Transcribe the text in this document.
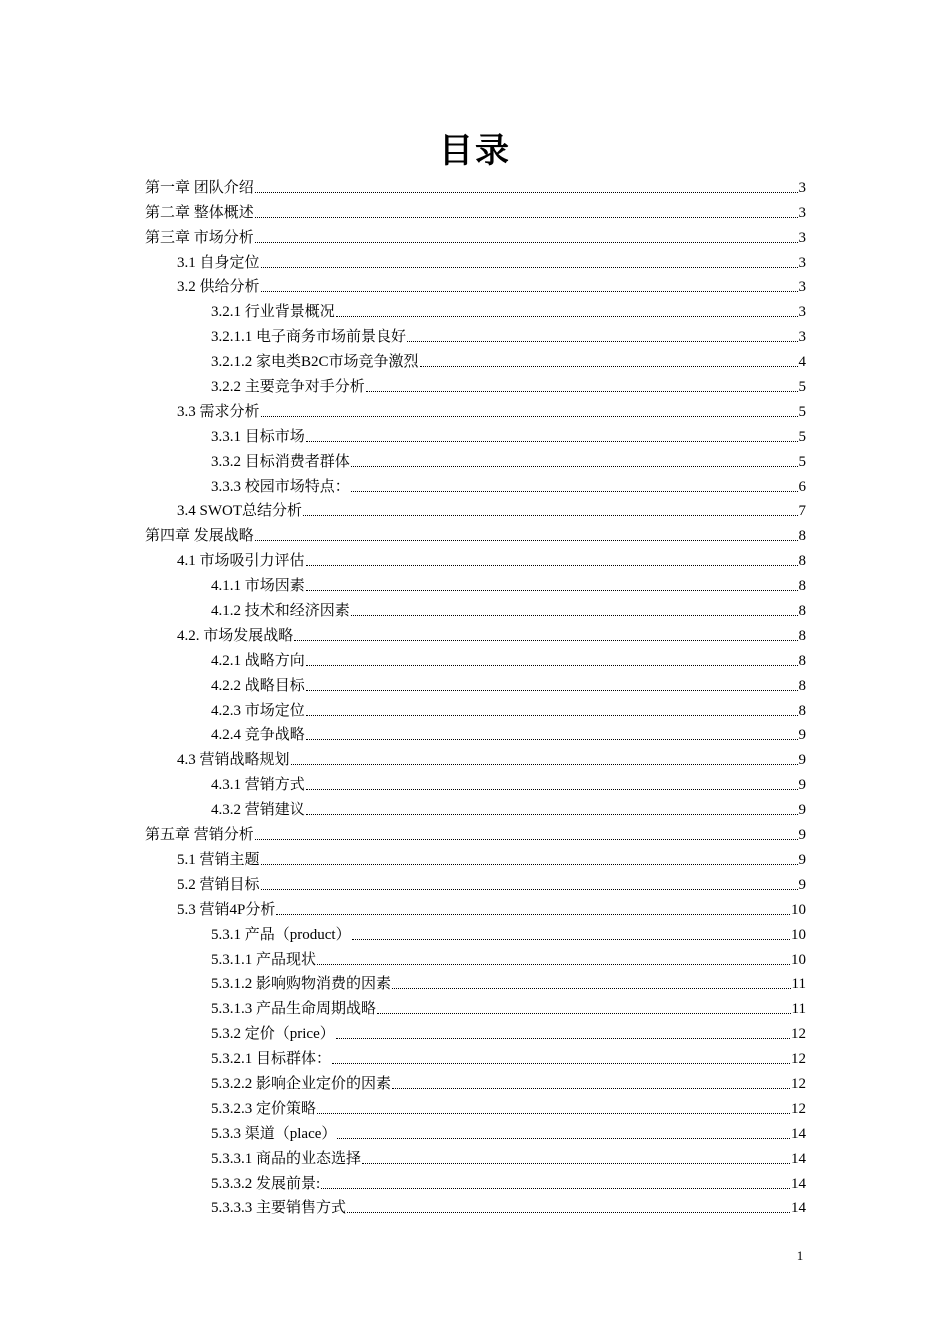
目录
第一章 团队介绍	3
第二章 整体概述	3
第三章 市场分析	3
3.1 自身定位	3
3.2 供给分析	3
3.2.1 行业背景概况	3
3.2.1.1 电子商务市场前景良好	3
3.2.1.2 家电类B2C市场竞争激烈	4
3.2.2 主要竞争对手分析	5
3.3 需求分析	5
3.3.1 目标市场	5
3.3.2 目标消费者群体	5
3.3.3 校园市场特点：	6
3.4 SWOT总结分析	7
第四章 发展战略	8
4.1 市场吸引力评估	8
4.1.1 市场因素	8
4.1.2 技术和经济因素	8
4.2. 市场发展战略	8
4.2.1 战略方向	8
4.2.2 战略目标	8
4.2.3 市场定位	8
4.2.4 竞争战略	9
4.3 营销战略规划	9
4.3.1 营销方式	9
4.3.2 营销建议	9
第五章 营销分析	9
5.1 营销主题	9
5.2 营销目标	9
5.3 营销4P分析	10
5.3.1 产品（product）	10
5.3.1.1 产品现状	10
5.3.1.2 影响购物消费的因素	11
5.3.1.3 产品生命周期战略	11
5.3.2 定价（price）	12
5.3.2.1 目标群体：	12
5.3.2.2 影响企业定价的因素	12
5.3.2.3 定价策略	12
5.3.3 渠道（place）	14
5.3.3.1 商品的业态选择	14
5.3.3.2 发展前景:	14
5.3.3.3 主要销售方式	14
1
